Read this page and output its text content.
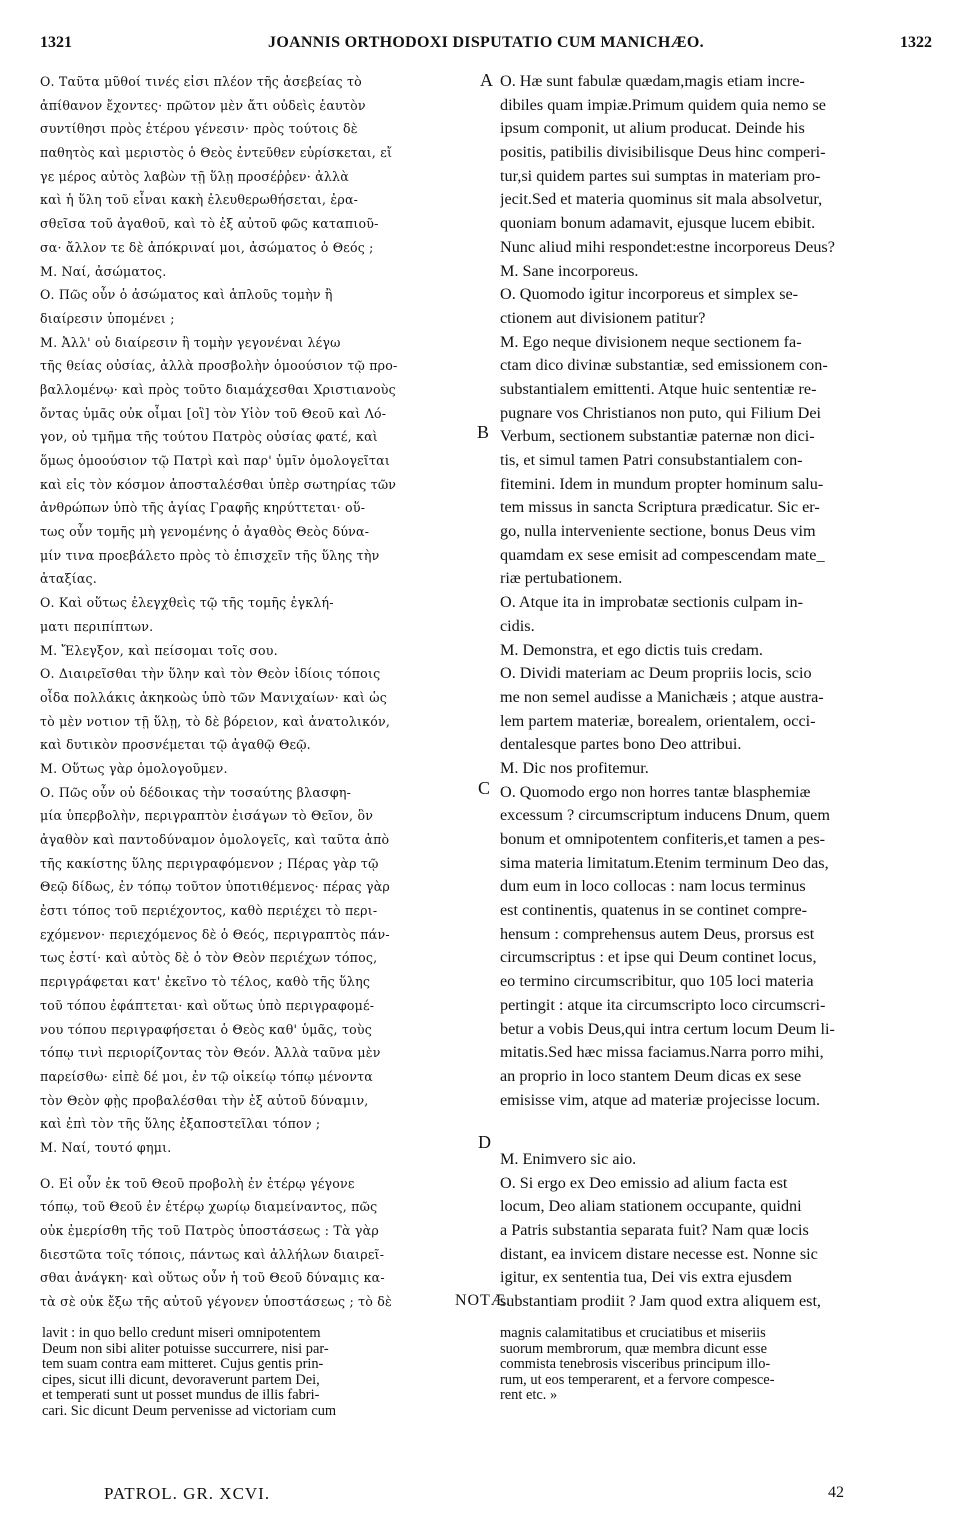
1321	JOANNIS ORTHODOXI DISPUTATIO CUM MANICHÆO.	1322
Ο. Ταῦτα μῦθοί τινές εἰσι πλέον τῆς ἀσεβείας τὸ
ἀπίθανον ἔχοντες· πρῶτον μὲν ἄτι οὐδεὶς ἑαυτὸν
συντίθησι πρὸς ἑτέρου γένεσιν· πρὸς τούτοις δὲ
παθητὸς καὶ μεριστὸς ὁ Θεὸς ἐντεῦθεν εὑρίσκεται, εἴ
γε μέρος αὐτὸς λαβὼν τῇ ὕλῃ προσέῤῥεν· ἀλλὰ
καὶ ἡ ὕλη τοῦ εἶναι κακὴ ἐλευθερωθήσεται, ἐρα-
σθεῖσα τοῦ ἀγαθοῦ, καὶ τὸ ἐξ αὐτοῦ φῶς καταπιοῦ-
σα· ἄλλον τε δὲ ἀπόκριναί μοι, ἀσώματος ὁ Θεός ;
Μ. Ναί, ἀσώματος.
Ο. Πῶς οὖν ὁ ἀσώματος καὶ ἁπλοῦς τομὴν ἢ
διαίρεσιν ὑπομένει ;
Μ. Ἀλλ' οὐ διαίρεσιν ἢ τομὴν γεγονέναι λέγω
τῆς θείας οὐσίας, ἀλλὰ προσβολὴν ὁμοούσιον τῷ προ-
βαλλομένῳ· καὶ πρὸς τοῦτο διαμάχεσθαι Χριστιανοὺς
ὄντας ὑμᾶς οὐκ οἶμαι [οἳ] τὸν Υἱὸν τοῦ Θεοῦ καὶ Λό-
γον, οὐ τμῆμα τῆς τούτου Πατρὸς οὐσίας φατέ, καὶ
ὅμως ὁμοούσιον τῷ Πατρὶ καὶ παρ' ὑμῖν ὁμολογεῖται
καὶ εἰς τὸν κόσμον ἀποσταλέσθαι ὑπὲρ σωτηρίας τῶν
ἀνθρώπων ὑπὸ τῆς ἁγίας Γραφῆς κηρύττεται· οὕ-
τως οὖν τομῆς μὴ γενομένης ὁ ἀγαθὸς Θεὸς δύνα-
μίν τινα προεβάλετο πρὸς τὸ ἐπισχεῖν τῆς ὕλης τὴν
ἀταξίας.
Ο. Καὶ οὕτως ἐλεγχθεὶς τῷ τῆς τομῆς ἐγκλή-
ματι περιπίπτων.
Μ. Ἔλεγξον, καὶ πείσομαι τοῖς σου.
Ο. Διαιρεῖσθαι τὴν ὕλην καὶ τὸν Θεὸν ἰδίοις τόποις
οἶδα πολλάκις ἀκηκοὼς ὑπὸ τῶν Μανιχαίων· καὶ ὡς
τὸ μὲν νοτιον τῇ ὕλῃ, τὸ δὲ βόρειον, καὶ ἀνατολικόν,
καὶ δυτικὸν προσνέμεται τῷ ἀγαθῷ Θεῷ.
Μ. Οὕτως γὰρ ὁμολογοῦμεν.
Ο. Πῶς οὖν οὐ δέδοικας τὴν τοσαύτης βλασφη-
μία ὑπερβολὴν, περιγραπτὸν ἐισάγων τὸ Θεῖον, ὃν
ἀγαθὸν καὶ παντοδύναμον ὁμολογεῖς, καὶ ταῦτα ἀπὸ
τῆς κακίστης ὕλης περιγραφόμενον ; Πέρας γὰρ τῷ
Θεῷ δίδως, ἐν τόπῳ τοῦτον ὑποτιθέμενος· πέρας γὰρ
ἐστι τόπος τοῦ περιέχοντος, καθὸ περιέχει τὸ περι-
εχόμενον· περιεχόμενος δὲ ὁ Θεός, περιγραπτὸς πάν-
τως ἐστί· καὶ αὐτὸς δὲ ὁ τὸν Θεὸν περιέχων τόπος,
περιγράφεται κατ' ἐκεῖνο τὸ τέλος, καθὸ τῆς ὕλης
τοῦ τόπου ἐφάπτεται· καὶ οὕτως ὑπὸ περιγραφομέ-
νου τόπου περιγραφήσεται ὁ Θεὸς καθ' ὑμᾶς, τοὺς
τόπῳ τινὶ περιορίζοντας τὸν Θεόν. Ἀλλὰ ταῦνα μὲν
παρείσθω· εἰπὲ δέ μοι, ἐν τῷ οἰκείῳ τόπῳ μένοντα
τὸν Θεὸν φῂς προβαλέσθαι τὴν ἐξ αὐτοῦ δύναμιν,
καὶ ἐπὶ τὸν τῆς ὕλης ἐξαποστεῖλαι τόπον ;
Μ. Ναί, τουτό φημι.
Ο. Εἰ οὖν ἐκ τοῦ Θεοῦ προβολὴ ἐν ἑτέρῳ γέγονε
τόπῳ, τοῦ Θεοῦ ἐν ἑτέρῳ χωρίῳ διαμείναντος, πῶς
οὐκ ἐμερίσθη τῆς τοῦ Πατρὸς ὑποστάσεως : Τὰ γὰρ
διεστῶτα τοῖς τόποις, πάντως καὶ ἀλλήλων διαιρεῖ-
σθαι ἀνάγκη· καὶ οὕτως οὖν ἡ τοῦ Θεοῦ δύναμις κα-
τὰ σὲ οὐκ ἔξω τῆς αὐτοῦ γέγονεν ὑποστάσεως ; τὸ δὲ
O. Hæ sunt fabulæ quædam,magis etiam incre-
dibiles quam impiæ.Primum quidem quia nemo se
ipsum componit, ut alium producat. Deinde his
positis, patibilis divisibilisque Deus hinc comperi-
tur,si quidem partes sui sumptas in materiam pro-
jecit.Sed et materia quominus sit mala absolvetur,
quoniam bonum adamavit, ejusque lucem ebibit.
Nunc aliud mihi respondet:estne incorporeus Deus?
M. Sane incorporeus.
O. Quomodo igitur incorporeus et simplex se-
ctionem aut divisionem patitur?
M. Ego neque divisionem neque sectionem fa-
ctam dico divinæ substantiæ, sed emissionem con-
substantialem emittenti. Atque huic sententiæ re-
pugnare vos Christianos non puto, qui Filium Dei
Verbum, sectionem substantiæ paternæ non dici-
tis, et simul tamen Patri consubstantialem con-
fitemini. Idem in mundum propter hominum salu-
tem missus in sancta Scriptura prædicatur. Sic er-
go, nulla interveniente sectione, bonus Deus vim
quamdam ex sese emisit ad compescendam mate_
riæ pertubationem.
O. Atque ita in improbatæ sectionis culpam in-
cidis.
M. Demonstra, et ego dictis tuis credam.
O. Dividi materiam ac Deum propriis locis, scio
me non semel audisse a Manichæis ; atque austra-
lem partem materiæ, borealem, orientalem, occi-
dentalesque partes bono Deo attribui.
M. Dic nos profitemur.
O. Quomodo ergo non horres tantæ blasphemiæ
excessum ? circumscriptum inducens Dnum, quem
bonum et omnipotentem confiteris,et tamen a pes-
sima materia limitatum.Etenim terminum Deo das,
dum eum in loco collocas : nam locus terminus
est continentis, quatenus in se continet compre-
hensum : comprehensus autem Deus, prorsus est
circumscriptus : et ipse qui Deum continet locus,
eo termino circumscribitur, quo 105 loci materia
pertingit : atque ita circumscripto loco circumscri-
betur a vobis Deus,qui intra certum locum Deum li-
mitatis.Sed hæc missa faciamus.Narra porro mihi,
an proprio in loco stantem Deum dicas ex sese
emisisse vim, atque ad materiæ projecisse locum.
M. Enimvero sic aio.
O. Si ergo ex Deo emissio ad alium facta est
locum, Deo aliam stationem occupante, quidni
a Patris substantia separata fuit? Nam quæ locis
distant, ea invicem distare necesse est. Nonne sic
igitur, ex sententia tua, Dei vis extra ejusdem
substantiam prodiit ? Jam quod extra aliquem est,
A
B
C
D
NOTÆ.
lavit : in quo bello credunt miseri omnipotentem
Deum non sibi aliter potuisse succurrere, nisi par-
tem suam contra eam mitteret. Cujus gentis prin-
cipes, sicut illi dicunt, devoraverunt partem Dei,
et temperati sunt ut posset mundus de illis fabri-
cari. Sic dicunt Deum pervenisse ad victoriam cum
magnis calamitatibus et cruciatibus et miseriis
suorum membrorum, quæ membra dicunt esse
commista tenebrosis visceribus principum illo-
rum, ut eos temperarent, et a fervore compesce-
rent etc. »
PATROL. GR. XCVI.	42
